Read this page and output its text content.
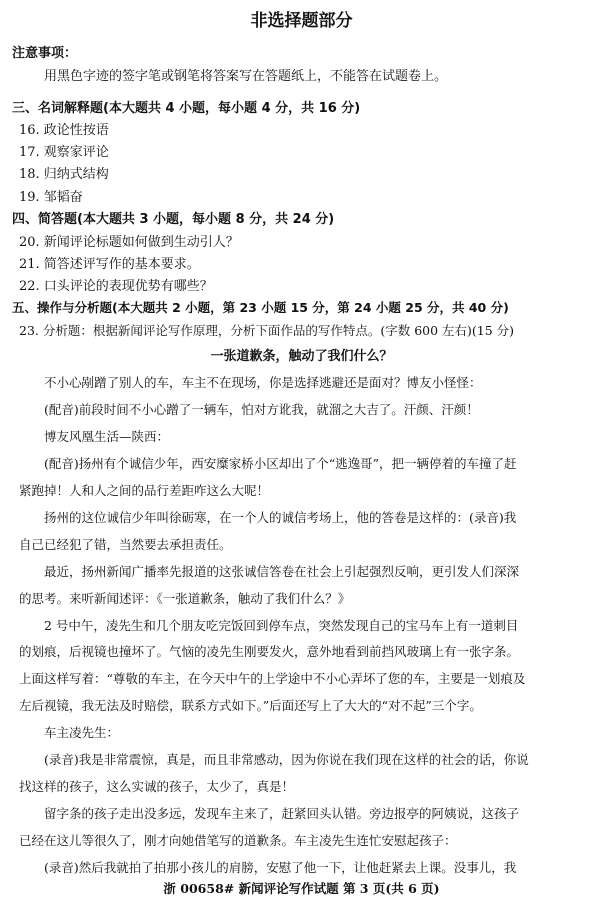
非选择题部分
注意事项：
用黑色字迹的签字笔或钢笔将答案写在答题纸上，不能答在试题卷上。
三、名词解释题(本大题共 4 小题，每小题 4 分，共 16 分)
16. 政论性按语
17. 观察家评论
18. 归纳式结构
19. 邹韬奋
四、简答题(本大题共 3 小题，每小题 8 分，共 24 分)
20. 新闻评论标题如何做到生动引人？
21. 简答述评写作的基本要求。
22. 口头评论的表现优势有哪些？
五、操作与分析题(本大题共 2 小题，第 23 小题 15 分，第 24 小题 25 分，共 40 分)
23. 分析题：根据新闻评论写作原理，分析下面作品的写作特点。(字数 600 左右)(15 分)
一张道歉条，触动了我们什么？
不小心剐蹭了别人的车，车主不在现场，你是选择逃避还是面对？博友小怪怪：
(配音)前段时间不小心蹭了一辆车，怕对方讹我，就溜之大吉了。汗颜、汗颜！
博友风凰生活—陕西：
(配音)扬州有个诚信少年，西安糜家桥小区却出了个“逃逸哥”，把一辆停着的车撞了赶
紧跑掉！人和人之间的品行差距咋这么大呢！
扬州的这位诚信少年叫徐砺寒，在一个人的诚信考场上，他的答卷是这样的：(录音)我
自己已经犯了错，当然要去承担责任。
最近，扬州新闻广播率先报道的这张诚信答卷在社会上引起强烈反响，更引发人们深深
的思考。来听新闻述评：《一张道歉条，触动了我们什么？》
2 号中午，凌先生和几个朋友吃完饭回到停车点，突然发现自己的宝马车上有一道刺目
的划痕，后视镜也撞坏了。气恼的凌先生刚要发火，意外地看到前挡风玻璃上有一张字条。
上面这样写着：“尊敬的车主，在今天中午的上学途中不小心弄坏了您的车，主要是一划痕及
左后视镜，我无法及时赔偿，联系方式如下。”后面还写上了大大的“对不起”三个字。
车主凌先生：
(录音)我是非常震惊，真是，而且非常感动，因为你说在我们现在这样的社会的话，你说
找这样的孩子，这么实诚的孩子，太少了，真是！
留字条的孩子走出没多远，发现车主来了，赶紧回头认错。旁边报亭的阿姨说，这孩子
已经在这儿等很久了，刚才向她借笔写的道歉条。车主凌先生连忙安慰起孩子：
(录音)然后我就拍了拍那小孩儿的肩膀，安慰了他一下，让他赶紧去上课。没事儿，我
浙 00658# 新闻评论写作试题 第 3 页(共 6 页)
